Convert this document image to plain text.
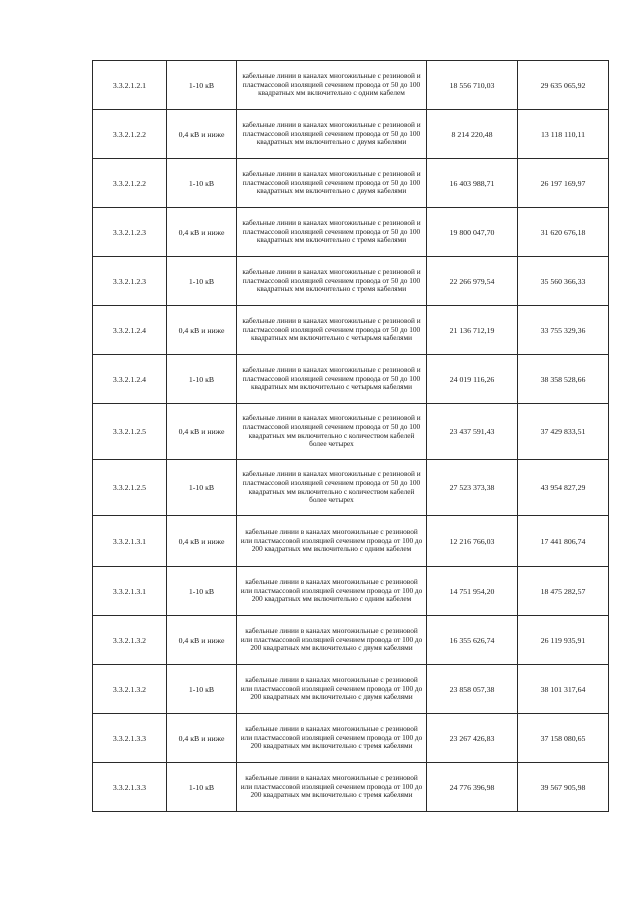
3.3.2.1.2.1	1-10 кВ	кабельные линии в каналах многожильные с резиновой и пластмассовой изоляцией сечением провода от 50 до 100 квадратных мм включительно с одним кабелем	18 556 710,03	29 635 065,92
3.3.2.1.2.2	0,4 кВ и ниже	кабельные линии в каналах многожильные с резиновой и пластмассовой изоляцией сечением провода от 50 до 100 квадратных мм включительно с двумя кабелями	8 214 220,48	13 118 110,11
3.3.2.1.2.2	1-10 кВ	кабельные линии в каналах многожильные с резиновой и пластмассовой изоляцией сечением провода от 50 до 100 квадратных мм включительно с двумя кабелями	16 403 988,71	26 197 169,97
3.3.2.1.2.3	0,4 кВ и ниже	кабельные линии в каналах многожильные с резиновой и пластмассовой изоляцией сечением провода от 50 до 100 квадратных мм включительно с тремя кабелями	19 800 047,70	31 620 676,18
3.3.2.1.2.3	1-10 кВ	кабельные линии в каналах многожильные с резиновой и пластмассовой изоляцией сечением провода от 50 до 100 квадратных мм включительно с тремя кабелями	22 266 979,54	35 560 366,33
3.3.2.1.2.4	0,4 кВ и ниже	кабельные линии в каналах многожильные с резиновой и пластмассовой изоляцией сечением провода от 50 до 100 квадратных мм включительно с четырьмя кабелями	21 136 712,19	33 755 329,36
3.3.2.1.2.4	1-10 кВ	кабельные линии в каналах многожильные с резиновой и пластмассовой изоляцией сечением провода от 50 до 100 квадратных мм включительно с четырьмя кабелями	24 019 116,26	38 358 528,66
3.3.2.1.2.5	0,4 кВ и ниже	кабельные линии в каналах многожильные с резиновой и пластмассовой изоляцией сечением провода от 50 до 100 квадратных мм включительно с количеством кабелей более четырех	23 437 591,43	37 429 833,51
3.3.2.1.2.5	1-10 кВ	кабельные линии в каналах многожильные с резиновой и пластмассовой изоляцией сечением провода от 50 до 100 квадратных мм включительно с количеством кабелей более четырех	27 523 373,38	43 954 827,29
3.3.2.1.3.1	0,4 кВ и ниже	кабельные линии в каналах многожильные с резиновой или пластмассовой изоляцией сечением провода от 100 до 200 квадратных мм включительно с одним кабелем	12 216 766,03	17 441 806,74
3.3.2.1.3.1	1-10 кВ	кабельные линии в каналах многожильные с резиновой или пластмассовой изоляцией сечением провода от 100 до 200 квадратных мм включительно с одним кабелем	14 751 954,20	18 475 282,57
3.3.2.1.3.2	0,4 кВ и ниже	кабельные линии в каналах многожильные с резиновой или пластмассовой изоляцией сечением провода от 100 до 200 квадратных мм включительно с двумя кабелями	16 355 626,74	26 119 935,91
3.3.2.1.3.2	1-10 кВ	кабельные линии в каналах многожильные с резиновой или пластмассовой изоляцией сечением провода от 100 до 200 квадратных мм включительно с двумя кабелями	23 858 057,38	38 101 317,64
3.3.2.1.3.3	0,4 кВ и ниже	кабельные линии в каналах многожильные с резиновой или пластмассовой изоляцией сечением провода от 100 до 200 квадратных мм включительно с тремя кабелями	23 267 426,83	37 158 080,65
3.3.2.1.3.3	1-10 кВ	кабельные линии в каналах многожильные с резиновой или пластмассовой изоляцией сечением провода от 100 до 200 квадратных мм включительно с тремя кабелями	24 776 396,98	39 567 905,98
